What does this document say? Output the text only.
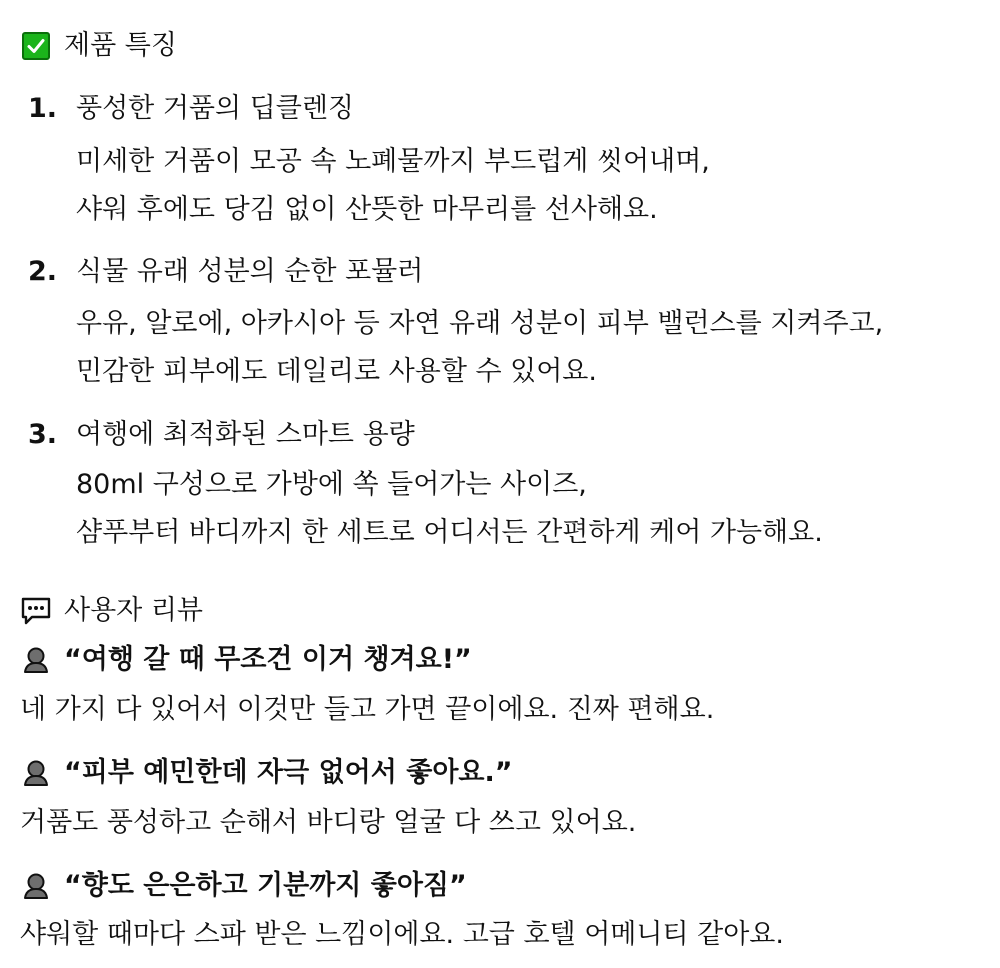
제품 특징
1. 풍성한 거품의 딥클렌징
미세한 거품이 모공 속 노폐물까지 부드럽게 씻어내며,
샤워 후에도 당김 없이 산뜻한 마무리를 선사해요.
2. 식물 유래 성분의 순한 포뮬러
우유, 알로에, 아카시아 등 자연 유래 성분이 피부 밸런스를 지켜주고,
민감한 피부에도 데일리로 사용할 수 있어요.
3. 여행에 최적화된 스마트 용량
80ml 구성으로 가방에 쏙 들어가는 사이즈,
샴푸부터 바디까지 한 세트로 어디서든 간편하게 케어 가능해요.
사용자 리뷰
“여행 갈 때 무조건 이거 챙겨요!”
네 가지 다 있어서 이것만 들고 가면 끝이에요. 진짜 편해요.
“피부 예민한데 자극 없어서 좋아요.”
거품도 풍성하고 순해서 바디랑 얼굴 다 쓰고 있어요.
“향도 은은하고 기분까지 좋아짐”
샤워할 때마다 스파 받은 느낌이에요. 고급 호텔 어메니티 같아요.
